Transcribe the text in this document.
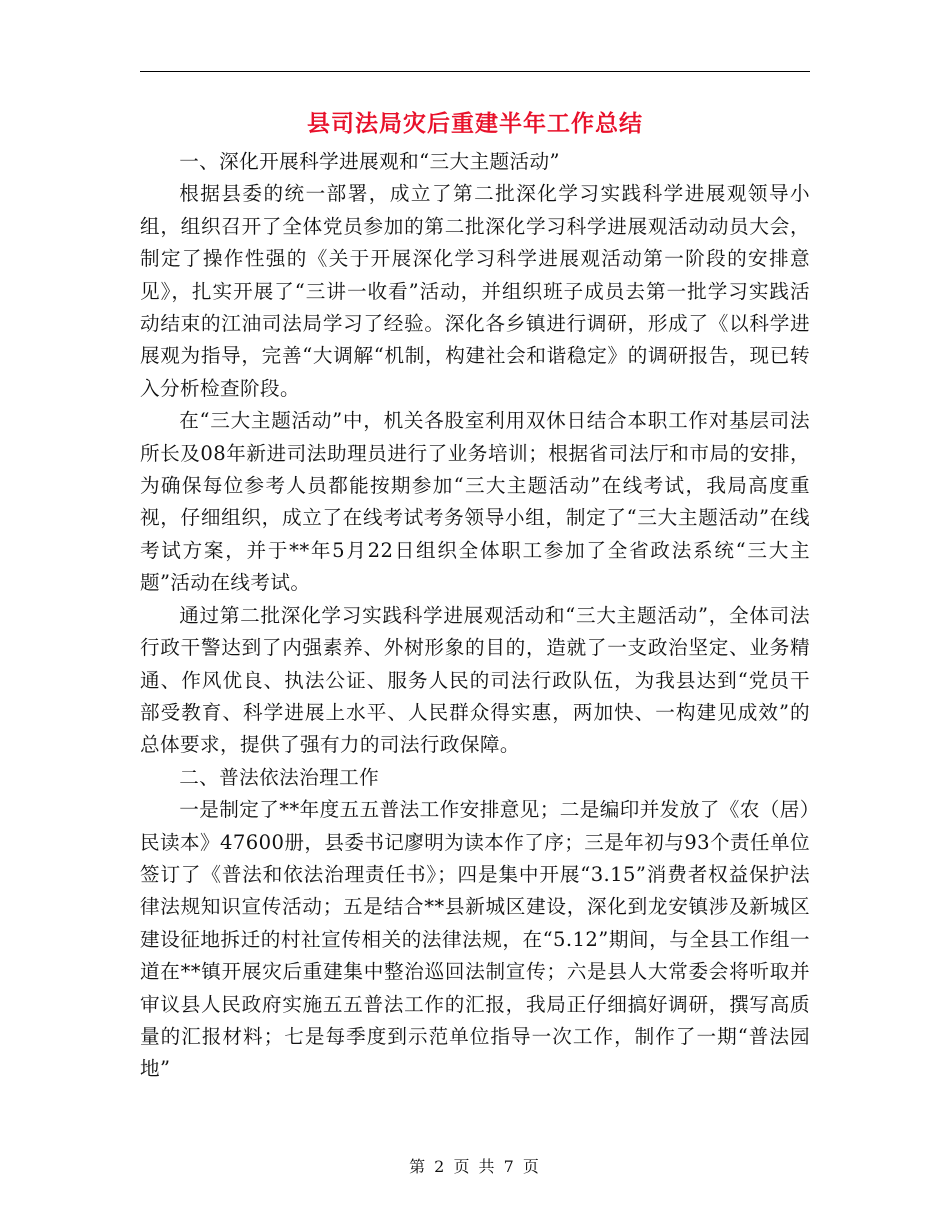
县司法局灾后重建半年工作总结

一、深化开展科学进展观和“三大主题活动”

根据县委的统一部署，成立了第二批深化学习实践科学进展观领导小组，组织召开了全体党员参加的第二批深化学习科学进展观活动动员大会，制定了操作性强的《关于开展深化学习科学进展观活动第一阶段的安排意见》，扎实开展了“三讲一收看”活动，并组织班子成员去第一批学习实践活动结束的江油司法局学习了经验。深化各乡镇进行调研，形成了《以科学进展观为指导，完善“大调解“机制，构建社会和谐稳定》的调研报告，现已转入分析检查阶段。

在“三大主题活动”中，机关各股室利用双休日结合本职工作对基层司法所长及08年新进司法助理员进行了业务培训；根据省司法厅和市局的安排，为确保每位参考人员都能按期参加“三大主题活动”在线考试，我局高度重视，仔细组织，成立了在线考试考务领导小组，制定了“三大主题活动”在线考试方案，并于**年5月22日组织全体职工参加了全省政法系统“三大主题”活动在线考试。

通过第二批深化学习实践科学进展观活动和“三大主题活动”，全体司法行政干警达到了内强素养、外树形象的目的，造就了一支政治坚定、业务精通、作风优良、执法公证、服务人民的司法行政队伍，为我县达到“党员干部受教育、科学进展上水平、人民群众得实惠，两加快、一构建见成效”的总体要求，提供了强有力的司法行政保障。

二、普法依法治理工作

一是制定了**年度五五普法工作安排意见；二是编印并发放了《农（居）民读本》47600册，县委书记廖明为读本作了序；三是年初与93个责任单位签订了《普法和依法治理责任书》；四是集中开展“3.15”消费者权益保护法律法规知识宣传活动；五是结合**县新城区建设，深化到龙安镇涉及新城区建设征地拆迁的村社宣传相关的法律法规，在“5.12”期间，与全县工作组一道在**镇开展灾后重建集中整治巡回法制宣传；六是县人大常委会将听取并审议县人民政府实施五五普法工作的汇报，我局正仔细搞好调研，撰写高质量的汇报材料；七是每季度到示范单位指导一次工作，制作了一期“普法园地”

第 2 页 共 7 页
